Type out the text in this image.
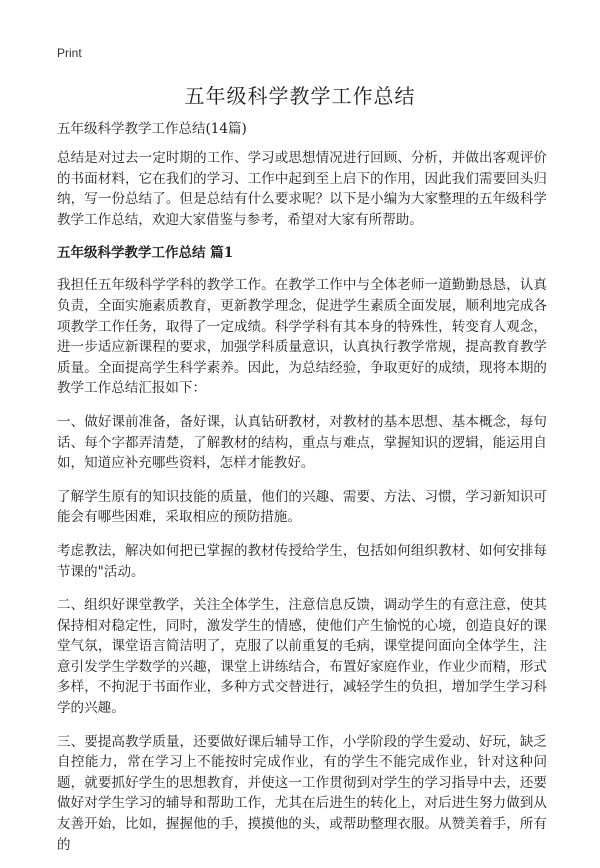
Print
五年级科学教学工作总结
五年级科学教学工作总结(14篇)

总结是对过去一定时期的工作、学习或思想情况进行回顾、分析，并做出客观评价的书面材料，它在我们的学习、工作中起到至上启下的作用，因此我们需要回头归纳，写一份总结了。但是总结有什么要求呢？以下是小编为大家整理的五年级科学教学工作总结，欢迎大家借鉴与参考，希望对大家有所帮助。

五年级科学教学工作总结 篇1

我担任五年级科学学科的教学工作。在教学工作中与全体老师一道勤勤恳恳，认真负责，全面实施素质教育，更新教学理念，促进学生素质全面发展，顺利地完成各项教学工作任务，取得了一定成绩。科学学科有其本身的特殊性，转变育人观念，进一步适应新课程的要求，加强学科质量意识，认真执行教学常规，提高教育教学质量。全面提高学生科学素养。因此，为总结经验，争取更好的成绩，现将本期的教学工作总结汇报如下：

一、做好课前准备，备好课，认真钻研教材，对教材的基本思想、基本概念，每句话、每个字都弄清楚，了解教材的结构，重点与难点，掌握知识的逻辑，能运用自如，知道应补充哪些资料，怎样才能教好。

了解学生原有的知识技能的质量，他们的兴趣、需要、方法、习惯，学习新知识可能会有哪些困难，采取相应的预防措施。

考虑教法，解决如何把已掌握的教材传授给学生，包括如何组织教材、如何安排每节课的"活动。

二、组织好课堂教学，关注全体学生，注意信息反馈，调动学生的有意注意，使其保持相对稳定性，同时，激发学生的情感，使他们产生愉悦的心境，创造良好的课堂气氛，课堂语言简洁明了，克服了以前重复的毛病，课堂提问面向全体学生，注意引发学生学数学的兴趣，课堂上讲练结合，布置好家庭作业，作业少而精，形式多样，不拘泥于书面作业，多种方式交替进行，减轻学生的负担，增加学生学习科学的兴趣。

三、要提高教学质量，还要做好课后辅导工作，小学阶段的学生爱动、好玩，缺乏自控能力，常在学习上不能按时完成作业，有的学生不能完成作业，针对这种问题，就要抓好学生的思想教育，并使这一工作贯彻到对学生的学习指导中去，还要做好对学生学习的辅导和帮助工作，尤其在后进生的转化上，对后进生努力做到从友善开始，比如，握握他的手，摸摸他的头，或帮助整理衣服。从赞美着手，所有的
